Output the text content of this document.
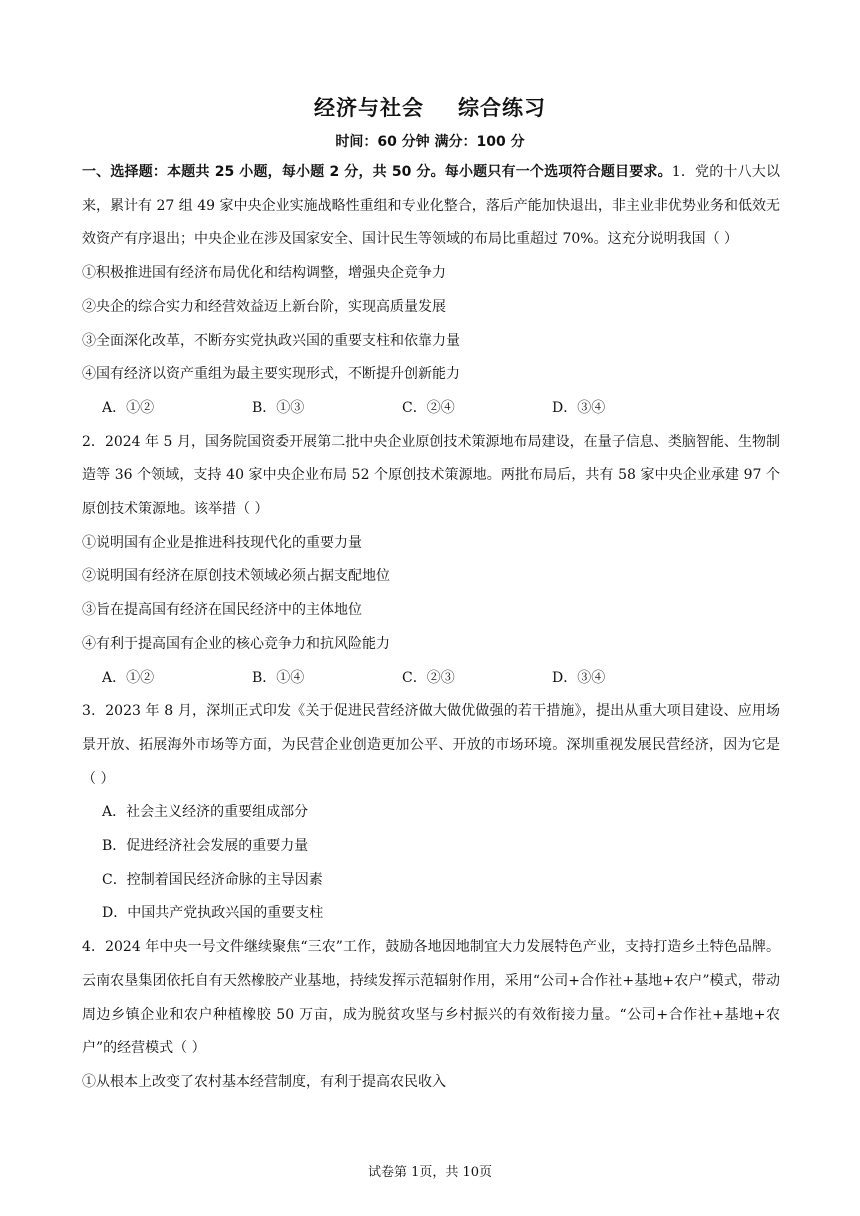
经济与社会 综合练习
时间：60 分钟 满分：100 分

一、选择题：本题共 25 小题，每小题 2 分，共 50 分。每小题只有一个选项符合题目要求。1．党的十八大以来，累计有 27 组 49 家中央企业实施战略性重组和专业化整合，落后产能加快退出，非主业非优势业务和低效无效资产有序退出；中央企业在涉及国家安全、国计民生等领域的布局比重超过 70%。这充分说明我国（ ）

①积极推进国有经济布局优化和结构调整，增强央企竞争力

②央企的综合实力和经营效益迈上新台阶，实现高质量发展

③全面深化改革，不断夯实党执政兴国的重要支柱和依靠力量

④国有经济以资产重组为最主要实现形式，不断提升创新能力

A．①②	B．①③	C．②④	D．③④

2．2024 年 5 月，国务院国资委开展第二批中央企业原创技术策源地布局建设，在量子信息、类脑智能、生物制造等 36 个领域，支持 40 家中央企业布局 52 个原创技术策源地。两批布局后，共有 58 家中央企业承建 97 个原创技术策源地。该举措（ ）

①说明国有企业是推进科技现代化的重要力量

②说明国有经济在原创技术领域必须占据支配地位

③旨在提高国有经济在国民经济中的主体地位

④有利于提高国有企业的核心竞争力和抗风险能力

A．①②	B．①④	C．②③	D．③④

3．2023 年 8 月，深圳正式印发《关于促进民营经济做大做优做强的若干措施》，提出从重大项目建设、应用场景开放、拓展海外市场等方面，为民营企业创造更加公平、开放的市场环境。深圳重视发展民营经济，因为它是（ ）

A．社会主义经济的重要组成部分

B．促进经济社会发展的重要力量

C．控制着国民经济命脉的主导因素

D．中国共产党执政兴国的重要支柱

4．2024 年中央一号文件继续聚焦“三农”工作，鼓励各地因地制宜大力发展特色产业，支持打造乡土特色品牌。云南农垦集团依托自有天然橡胶产业基地，持续发挥示范辐射作用，采用“公司+合作社+基地+农户”模式，带动周边乡镇企业和农户种植橡胶 50 万亩，成为脱贫攻坚与乡村振兴的有效衔接力量。“公司+合作社+基地+农户”的经营模式（ ）

①从根本上改变了农村基本经营制度，有利于提高农民收入

试卷第 1页，共 10页
